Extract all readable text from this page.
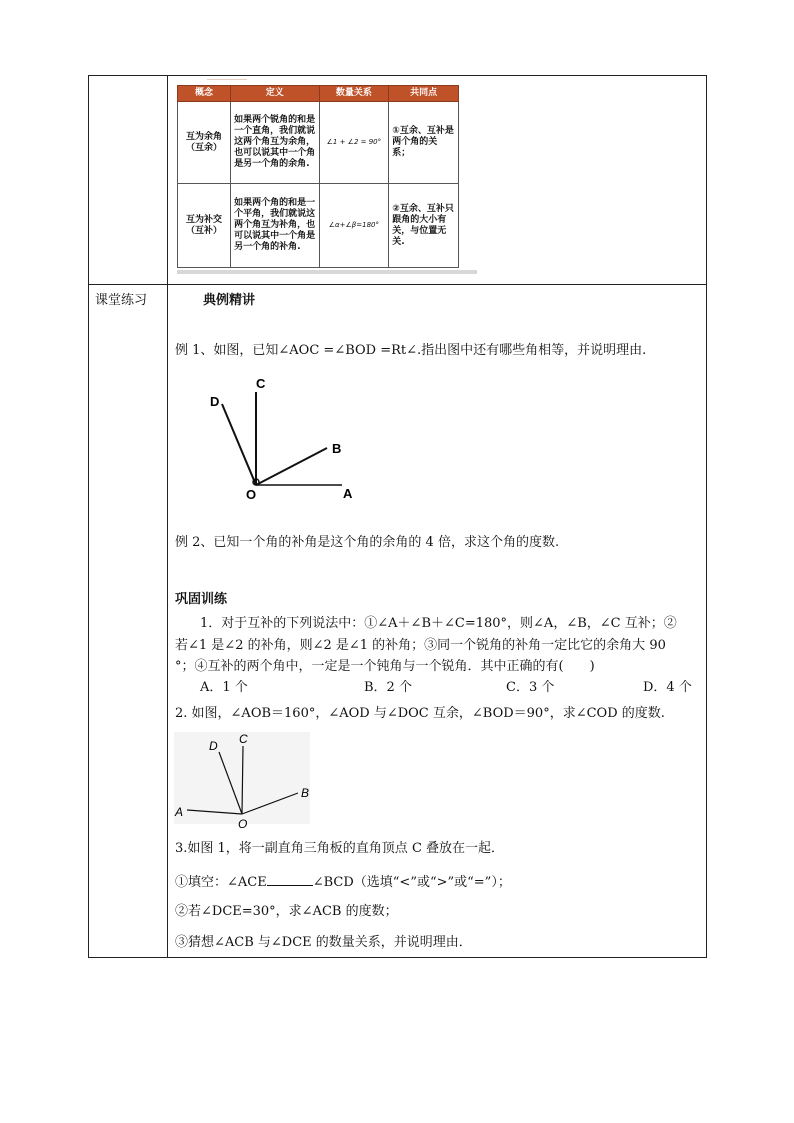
概念	定义	数量关系	共同点
互为余角（互余）	如果两个锐角的和是一个直角，我们就说这两个角互为余角，也可以说其中一个角是另一个角的余角.	∠1 + ∠2 = 90°	①互余、互补是两个角的关系；
互为补交（互补）	如果两个角的和是一个平角，我们就说这两个角互为补角，也可以说其中一个角是另一个角的补角.	∠α+∠β=180°	②互余、互补只跟角的大小有关，与位置无关.
课堂练习	典例精讲
例 1、如图，已知∠AOC =∠BOD =Rt∠.指出图中还有哪些角相等，并说明理由.
C
D
B
O	A
例 2、已知一个角的补角是这个角的余角的 4 倍，求这个角的度数.
巩固训练
1．对于互补的下列说法中：①∠A＋∠B＋∠C=180°，则∠A，∠B，∠C 互补；②
若∠1 是∠2 的补角，则∠2 是∠1 的补角；③同一个锐角的补角一定比它的余角大 90
°；④互补的两个角中，一定是一个钝角与一个锐角．其中正确的有(　　)
A．1 个	B．2 个	C．3 个	D．4 个
2. 如图，∠AOB＝160°，∠AOD 与∠DOC 互余，∠BOD＝90°，求∠COD 的度数.
D C
B
A
O
3.如图 1，将一副直角三角板的直角顶点 C 叠放在一起．
①填空：∠ACE	∠BCD（选填“<”或“>”或“=”）；
②若∠DCE=30°，求∠ACB 的度数；
③猜想∠ACB 与∠DCE 的数量关系，并说明理由．
